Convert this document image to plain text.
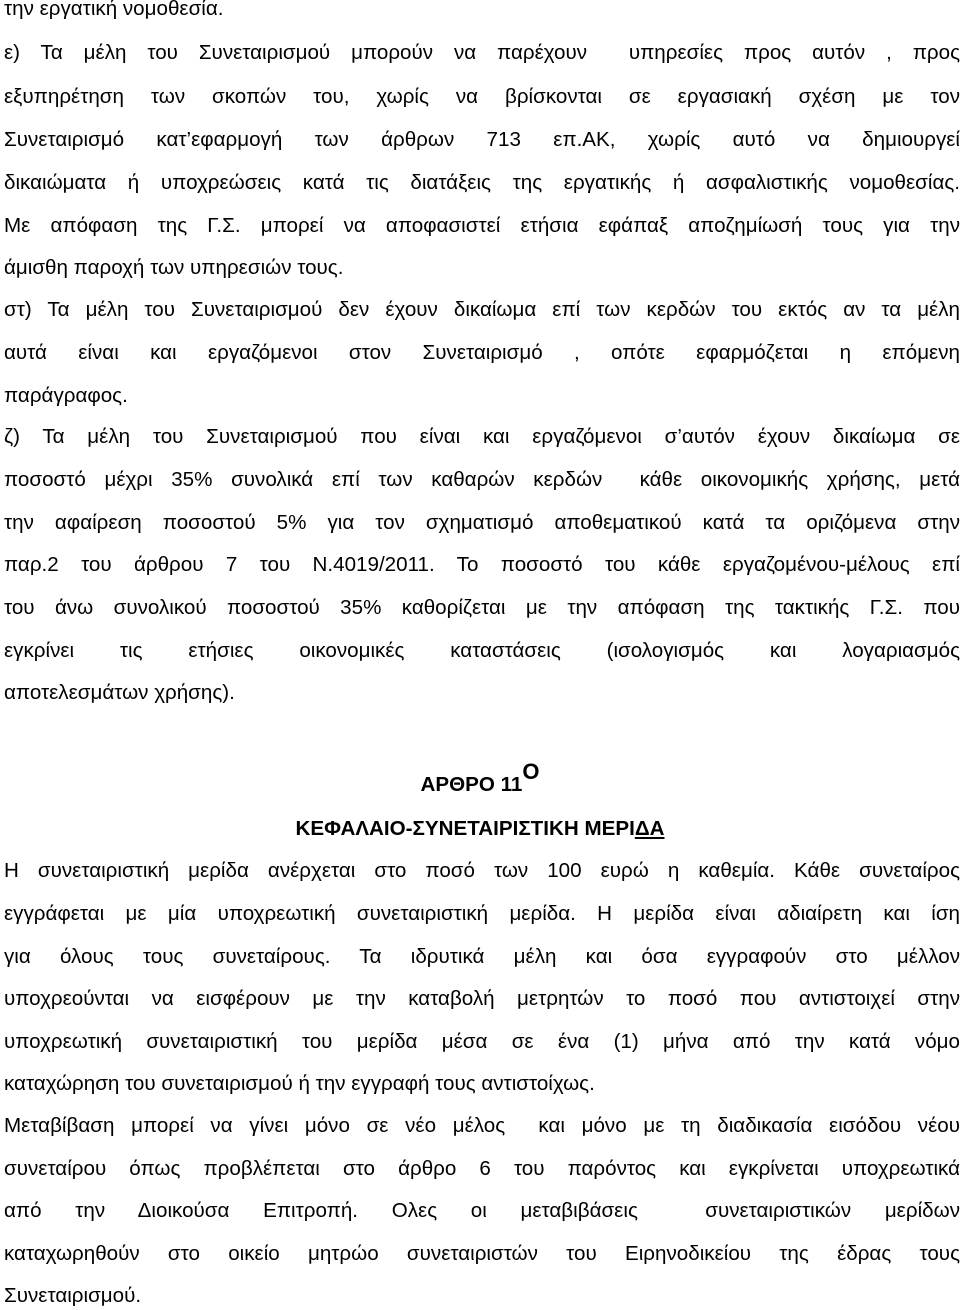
την εργατική νομοθεσία.
ε) Τα μέλη του Συνεταιρισμού μπορούν να παρέχουν  υπηρεσίες προς αυτόν , προς
εξυπηρέτηση των σκοπών του, χωρίς να βρίσκονται σε εργασιακή σχέση με τον
Συνεταιρισμό κατ’εφαρμογή των άρθρων 713 επ.ΑΚ, χωρίς αυτό να δημιουργεί
δικαιώματα ή υποχρεώσεις κατά τις διατάξεις της εργατικής ή ασφαλιστικής νομοθεσίας.
Με απόφαση της Γ.Σ. μπορεί να αποφασιστεί ετήσια εφάπαξ αποζημίωσή τους για την
άμισθη παροχή των υπηρεσιών τους.
στ) Τα μέλη του Συνεταιρισμού δεν έχουν δικαίωμα επί των κερδών του εκτός αν τα μέλη
αυτά είναι και εργαζόμενοι στον Συνεταιρισμό , οπότε εφαρμόζεται η επόμενη
παράγραφος.
ζ) Τα μέλη του Συνεταιρισμού που είναι και εργαζόμενοι σ’αυτόν έχουν δικαίωμα σε
ποσοστό μέχρι 35% συνολικά επί των καθαρών κερδών  κάθε οικονομικής χρήσης, μετά
την αφαίρεση ποσοστού 5% για τον σχηματισμό αποθεματικού κατά τα οριζόμενα στην
παρ.2 του άρθρου 7 του Ν.4019/2011. Το ποσοστό του κάθε εργαζομένου-μέλους επί
του άνω συνολικού ποσοστού 35% καθορίζεται με την απόφαση της τακτικής Γ.Σ. που
εγκρίνει τις ετήσιες οικονομικές καταστάσεις (ισολογισμός και λογαριασμός
αποτελεσμάτων χρήσης).
ΑΡΘΡΟ 11Ο
ΚΕΦΑΛΑΙΟ-ΣΥΝΕΤΑΙΡΙΣΤΙΚΗ ΜΕΡΙΔΑ
Η συνεταιριστική μερίδα ανέρχεται στο ποσό των 100 ευρώ η καθεμία. Κάθε συνεταίρος
εγγράφεται με μία υποχρεωτική συνεταιριστική μερίδα. Η μερίδα είναι αδιαίρετη και ίση
για όλους τους συνεταίρους. Τα ιδρυτικά μέλη και όσα εγγραφούν στο μέλλον
υποχρεούνται να εισφέρουν με την καταβολή μετρητών το ποσό που αντιστοιχεί στην
υποχρεωτική συνεταιριστική του μερίδα μέσα σε ένα (1) μήνα από την κατά νόμο
καταχώρηση του συνεταιρισμού ή την εγγραφή τους αντιστοίχως.
Μεταβίβαση μπορεί να γίνει μόνο σε νέο μέλος  και μόνο με τη διαδικασία εισόδου νέου
συνεταίρου όπως προβλέπεται στο άρθρο 6 του παρόντος και εγκρίνεται υποχρεωτικά
από την Διοικούσα Επιτροπή. Ολες οι μεταβιβάσεις  συνεταιριστικών μερίδων
καταχωρηθούν στο οικείο μητρώο συνεταιριστών του Ειρηνοδικείου της έδρας τους
Συνεταιρισμού.
